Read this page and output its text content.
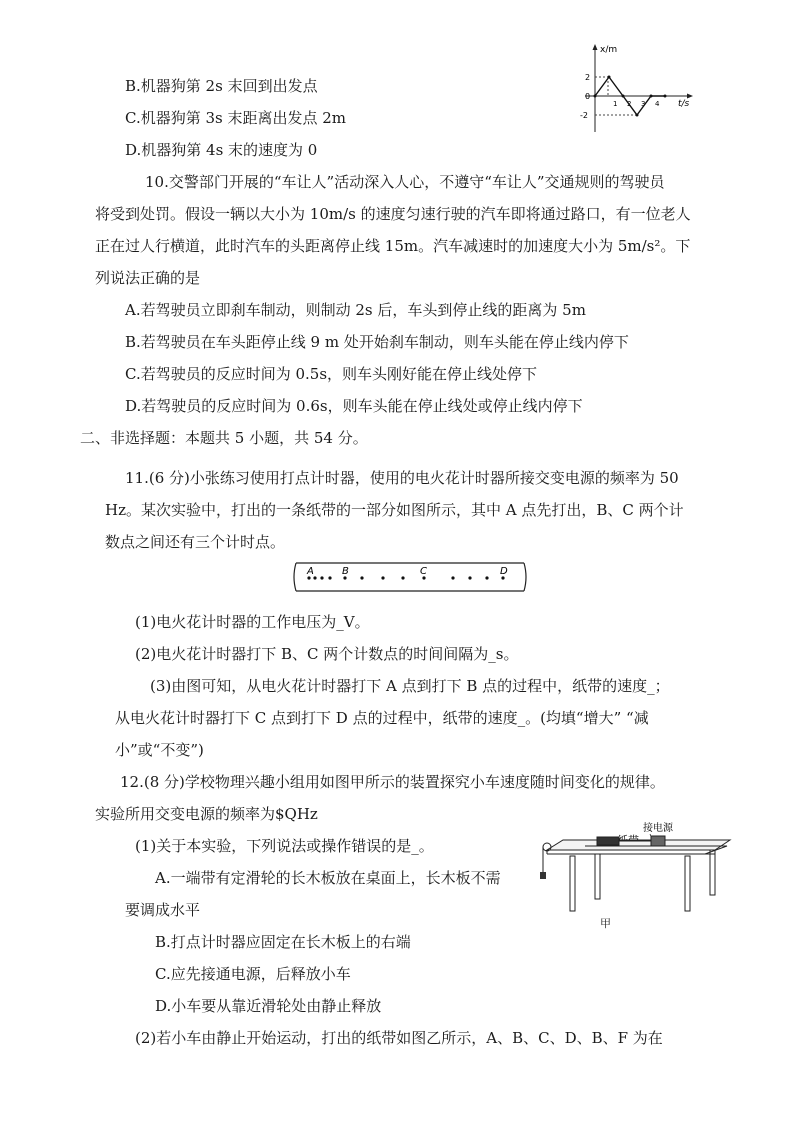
B.机器狗第 2s 末回到出发点
C.机器狗第 3s 末距离出发点 2m
D.机器狗第 4s 末的速度为 0
x/m
t/s
2
0
-2
1 2 3 4
10.交警部门开展的“车让人”活动深入人心，不遵守“车让人”交通规则的驾驶员
将受到处罚。假设一辆以大小为 10m/s 的速度匀速行驶的汽车即将通过路口，有一位老人
正在过人行横道，此时汽车的头距离停止线 15m。汽车减速时的加速度大小为 5m/s²。下
列说法正确的是
A.若驾驶员立即刹车制动，则制动 2s 后，车头到停止线的距离为 5m
B.若驾驶员在车头距停止线 9 m 处开始刹车制动，则车头能在停止线内停下
C.若驾驶员的反应时间为 0.5s，则车头刚好能在停止线处停下
D.若驾驶员的反应时间为 0.6s，则车头能在停止线处或停止线内停下
二、非选择题：本题共 5 小题，共 54 分。
11.(6 分)小张练习使用打点计时器，使用的电火花计时器所接交变电源的频率为 50
Hz。某次实验中，打出的一条纸带的一部分如图所示，其中 A 点先打出，B、C 两个计
数点之间还有三个计时点。
A	B	C	D
(1)电火花计时器的工作电压为_V。
(2)电火花计时器打下 B、C 两个计数点的时间间隔为_s。
(3)由图可知，从电火花计时器打下 A 点到打下 B 点的过程中，纸带的速度_；
从电火花计时器打下 C 点到打下 D 点的过程中，纸带的速度_。(均填“增大” “减
小”或“不变”)
12.(8 分)学校物理兴趣小组用如图甲所示的装置探究小车速度随时间变化的规律。
实验所用交变电源的频率为$QHz
(1)关于本实验，下列说法或操作错误的是_。
A.一端带有定滑轮的长木板放在桌面上，长木板不需
要调成水平
B.打点计时器应固定在长木板上的右端
C.应先接通电源，后释放小车
D.小车要从靠近滑轮处由静止释放
(2)若小车由静止开始运动，打出的纸带如图乙所示，A、B、C、D、B、F 为在
接电源
甲
